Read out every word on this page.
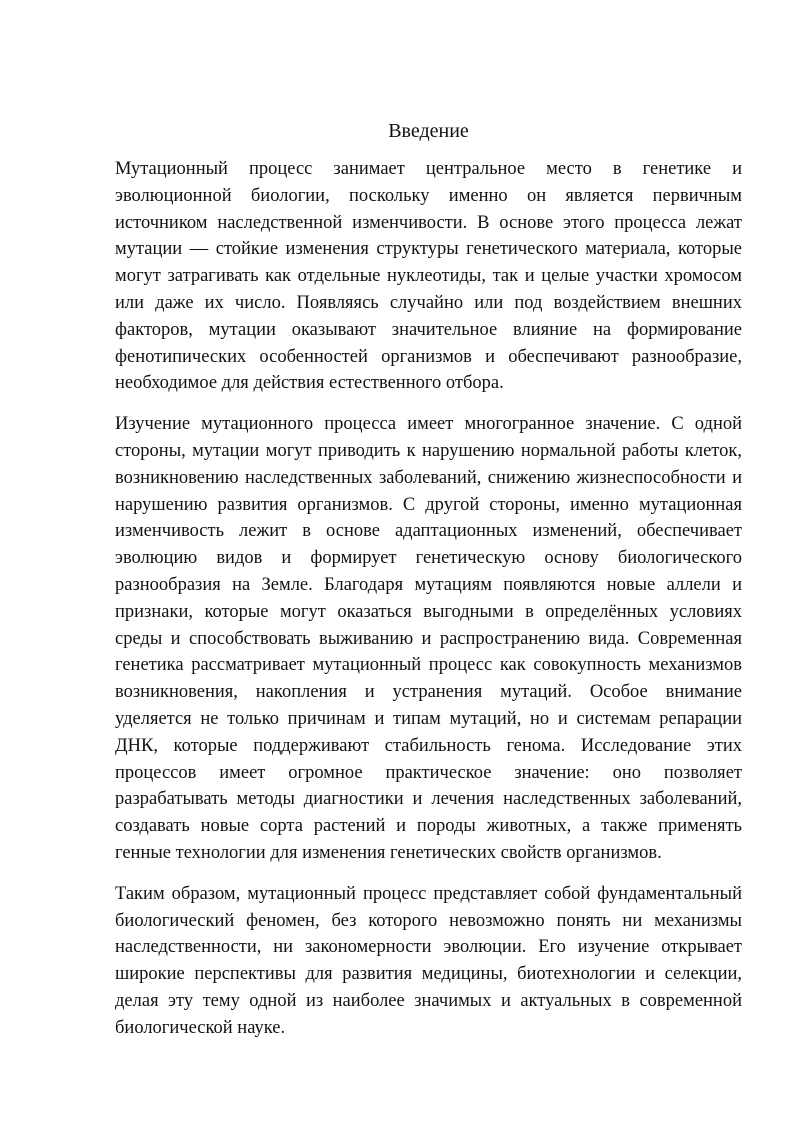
Введение

Мутационный процесс занимает центральное место в генетике и эволюционной биологии, поскольку именно он является первичным источником наследственной изменчивости. В основе этого процесса лежат мутации — стойкие изменения структуры генетического материала, которые могут затрагивать как отдельные нуклеотиды, так и целые участки хромосом или даже их число. Появляясь случайно или под воздействием внешних факторов, мутации оказывают значительное влияние на формирование фенотипических особенностей организмов и обеспечивают разнообразие, необходимое для действия естественного отбора.

Изучение мутационного процесса имеет многогранное значение. С одной стороны, мутации могут приводить к нарушению нормальной работы клеток, возникновению наследственных заболеваний, снижению жизнеспособности и нарушению развития организмов. С другой стороны, именно мутационная изменчивость лежит в основе адаптационных изменений, обеспечивает эволюцию видов и формирует генетическую основу биологического разнообразия на Земле. Благодаря мутациям появляются новые аллели и признаки, которые могут оказаться выгодными в определённых условиях среды и способствовать выживанию и распространению вида. Современная генетика рассматривает мутационный процесс как совокупность механизмов возникновения, накопления и устранения мутаций. Особое внимание уделяется не только причинам и типам мутаций, но и системам репарации ДНК, которые поддерживают стабильность генома. Исследование этих процессов имеет огромное практическое значение: оно позволяет разрабатывать методы диагностики и лечения наследственных заболеваний, создавать новые сорта растений и породы животных, а также применять генные технологии для изменения генетических свойств организмов.

Таким образом, мутационный процесс представляет собой фундаментальный биологический феномен, без которого невозможно понять ни механизмы наследственности, ни закономерности эволюции. Его изучение открывает широкие перспективы для развития медицины, биотехнологии и селекции, делая эту тему одной из наиболее значимых и актуальных в современной биологической науке.
